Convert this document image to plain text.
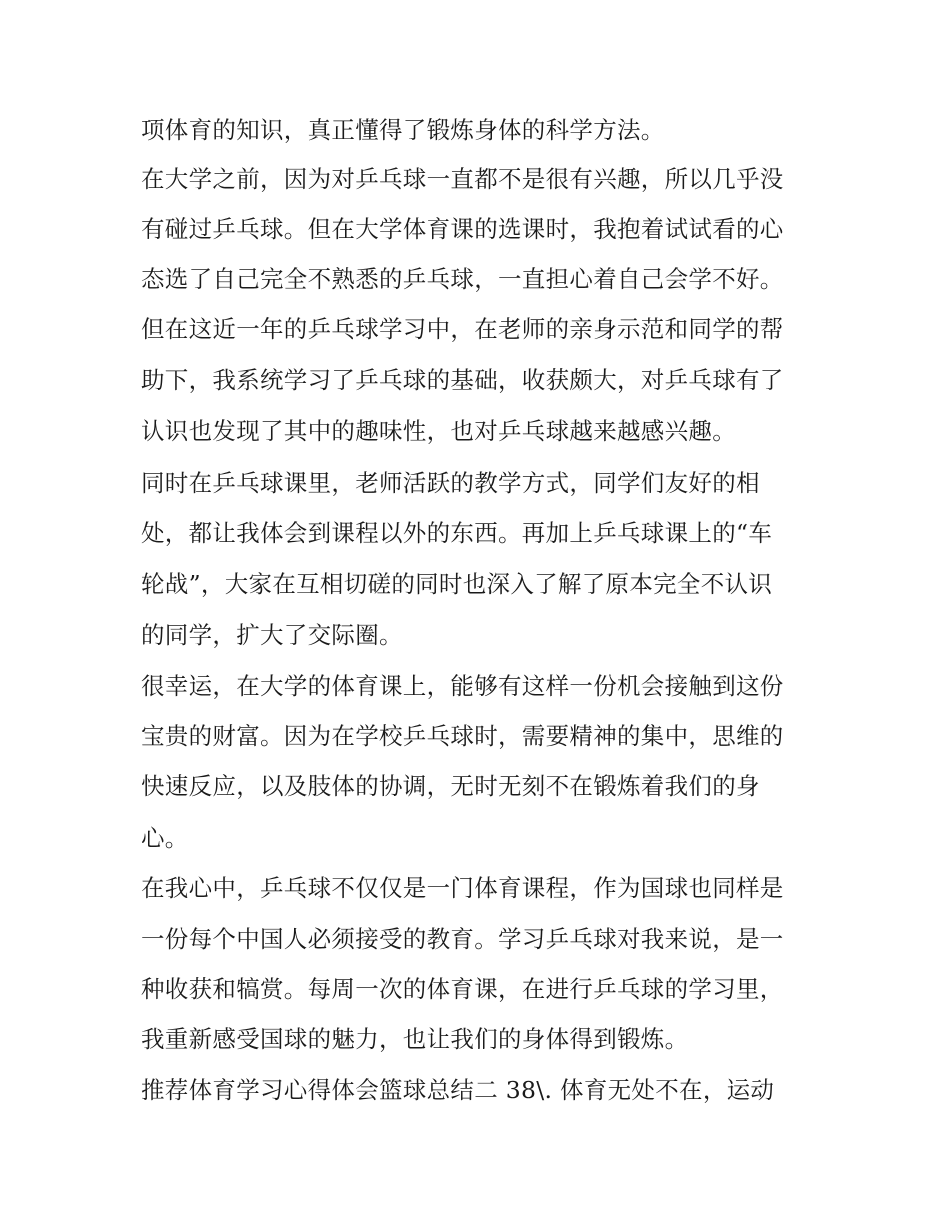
项体育的知识，真正懂得了锻炼身体的科学方法。
在大学之前，因为对乒乓球一直都不是很有兴趣，所以几乎没
有碰过乒乓球。但在大学体育课的选课时，我抱着试试看的心
态选了自己完全不熟悉的乒乓球，一直担心着自己会学不好。
但在这近一年的乒乓球学习中，在老师的亲身示范和同学的帮
助下，我系统学习了乒乓球的基础，收获颇大，对乒乓球有了
认识也发现了其中的趣味性，也对乒乓球越来越感兴趣。
同时在乒乓球课里，老师活跃的教学方式，同学们友好的相
处，都让我体会到课程以外的东西。再加上乒乓球课上的“车
轮战”，大家在互相切磋的同时也深入了解了原本完全不认识
的同学，扩大了交际圈。
很幸运，在大学的体育课上，能够有这样一份机会接触到这份
宝贵的财富。因为在学校乒乓球时，需要精神的集中，思维的
快速反应，以及肢体的协调，无时无刻不在锻炼着我们的身
心。
在我心中，乒乓球不仅仅是一门体育课程，作为国球也同样是
一份每个中国人必须接受的教育。学习乒乓球对我来说，是一
种收获和犒赏。每周一次的体育课，在进行乒乓球的学习里，
我重新感受国球的魅力，也让我们的身体得到锻炼。
推荐体育学习心得体会篮球总结二 38\. 体育无处不在，运动
